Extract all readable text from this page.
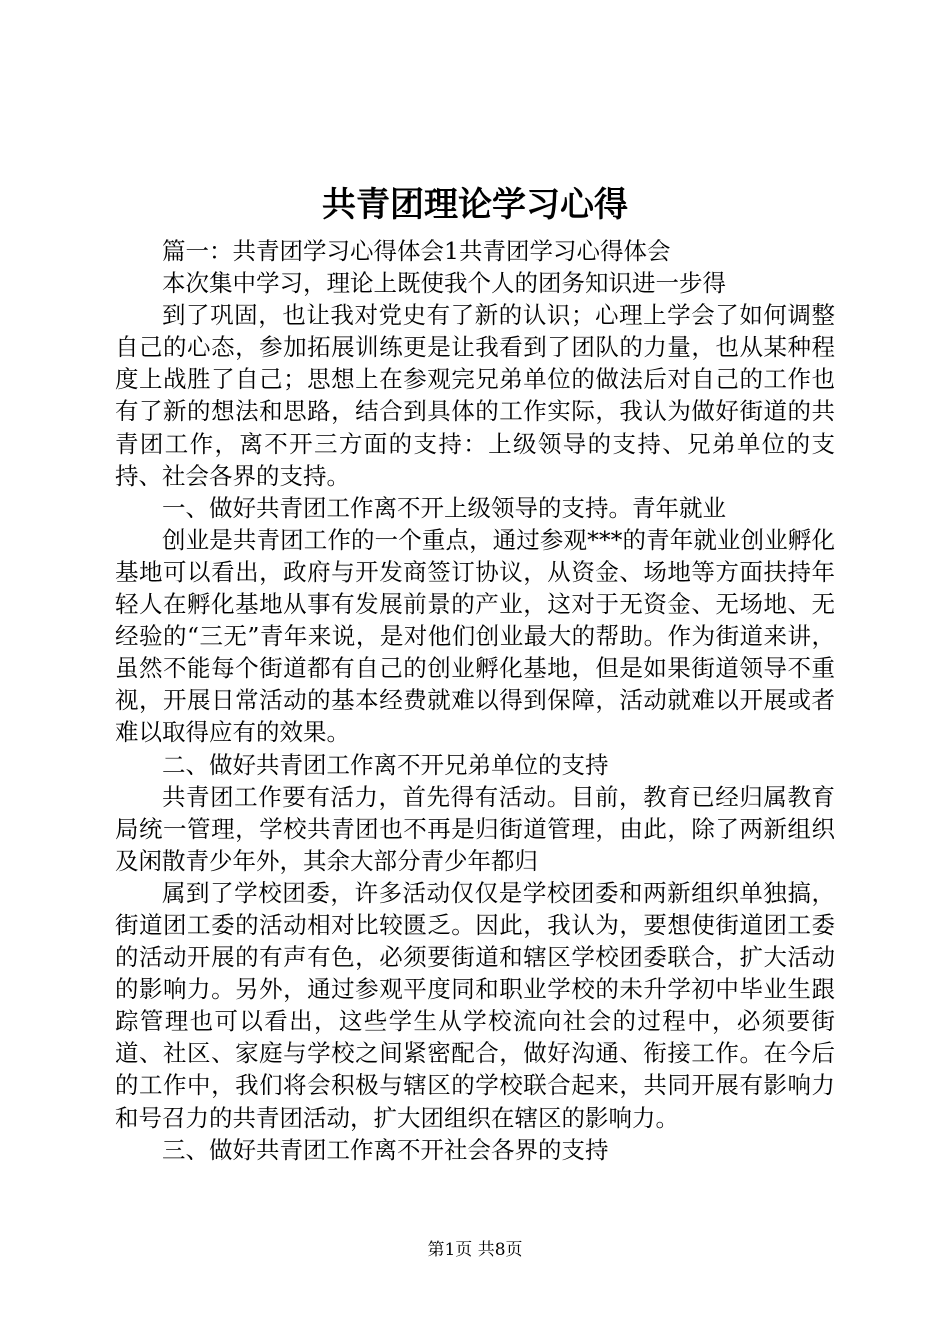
共青团理论学习心得

篇一：共青团学习心得体会1共青团学习心得体会

本次集中学习，理论上既使我个人的团务知识进一步得

到了巩固，也让我对党史有了新的认识；心理上学会了如何调整自己的心态，参加拓展训练更是让我看到了团队的力量，也从某种程度上战胜了自己；思想上在参观完兄弟单位的做法后对自己的工作也有了新的想法和思路，结合到具体的工作实际，我认为做好街道的共青团工作，离不开三方面的支持：上级领导的支持、兄弟单位的支持、社会各界的支持。

一、做好共青团工作离不开上级领导的支持。青年就业

创业是共青团工作的一个重点，通过参观***的青年就业创业孵化基地可以看出，政府与开发商签订协议，从资金、场地等方面扶持年轻人在孵化基地从事有发展前景的产业，这对于无资金、无场地、无经验的“三无”青年来说，是对他们创业最大的帮助。作为街道来讲，虽然不能每个街道都有自己的创业孵化基地，但是如果街道领导不重视，开展日常活动的基本经费就难以得到保障，活动就难以开展或者难以取得应有的效果。

二、做好共青团工作离不开兄弟单位的支持

共青团工作要有活力，首先得有活动。目前，教育已经归属教育局统一管理，学校共青团也不再是归街道管理，由此，除了两新组织及闲散青少年外，其余大部分青少年都归

属到了学校团委，许多活动仅仅是学校团委和两新组织单独搞，街道团工委的活动相对比较匮乏。因此，我认为，要想使街道团工委的活动开展的有声有色，必须要街道和辖区学校团委联合，扩大活动的影响力。另外，通过参观平度同和职业学校的未升学初中毕业生跟踪管理也可以看出，这些学生从学校流向社会的过程中，必须要街道、社区、家庭与学校之间紧密配合，做好沟通、衔接工作。在今后的工作中，我们将会积极与辖区的学校联合起来，共同开展有影响力和号召力的共青团活动，扩大团组织在辖区的影响力。

三、做好共青团工作离不开社会各界的支持

第1页 共8页
